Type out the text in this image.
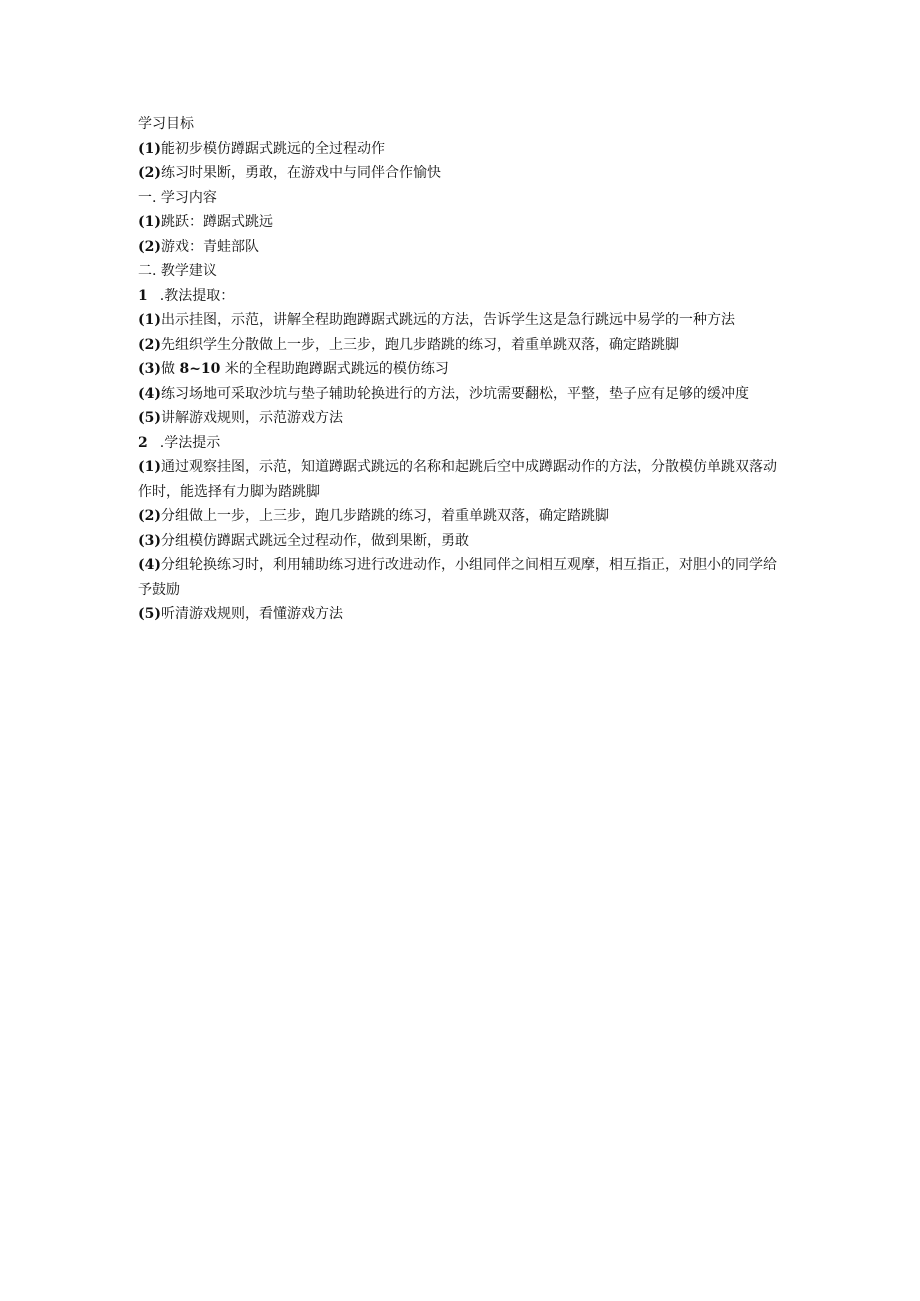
学习目标
(1)能初步模仿蹲踞式跳远的全过程动作
(2)练习时果断，勇敢，在游戏中与同伴合作愉快
一. 学习内容
(1)跳跃：蹲踞式跳远
(2)游戏：青蛙部队
二. 教学建议
1 .教法提取：
(1)出示挂图，示范，讲解全程助跑蹲踞式跳远的方法，告诉学生这是急行跳远中易学的一种方法
(2)先组织学生分散做上一步，上三步，跑几步踏跳的练习，着重单跳双落，确定踏跳脚
(3)做 8~10 米的全程助跑蹲踞式跳远的模仿练习
(4)练习场地可采取沙坑与垫子辅助轮换进行的方法，沙坑需要翻松，平整，垫子应有足够的缓冲度
(5)讲解游戏规则，示范游戏方法
2 .学法提示
(1)通过观察挂图，示范，知道蹲踞式跳远的名称和起跳后空中成蹲踞动作的方法，分散模仿单跳双落动作时，能选择有力脚为踏跳脚
(2)分组做上一步，上三步，跑几步踏跳的练习，着重单跳双落，确定踏跳脚
(3)分组模仿蹲踞式跳远全过程动作，做到果断，勇敢
(4)分组轮换练习时，利用辅助练习进行改进动作，小组同伴之间相互观摩，相互指正，对胆小的同学给予鼓励
(5)听清游戏规则，看懂游戏方法
